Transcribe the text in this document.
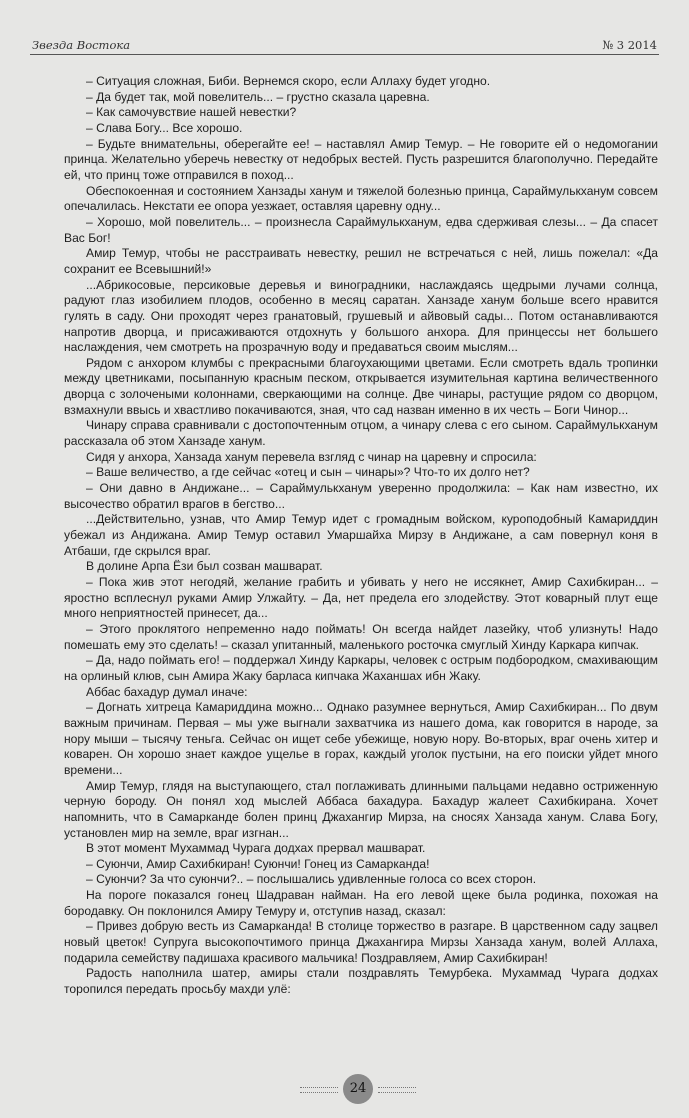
Звезда Востока	№ 3 2014

– Ситуация сложная, Биби. Вернемся скоро, если Аллаху будет угодно.

– Да будет так, мой повелитель... – грустно сказала царевна.

– Как самочувствие нашей невестки?

– Слава Богу... Все хорошо.

– Будьте внимательны, оберегайте ее! – наставлял Амир Темур. – Не говорите ей о недомогании принца. Желательно уберечь невестку от недобрых вестей. Пусть разрешится благополучно. Передайте ей, что принц тоже отправился в поход...

Обеспокоенная и состоянием Ханзады ханум и тяжелой болезнью принца, Сараймулькханум совсем опечалилась. Некстати ее опора уезжает, оставляя царевну одну...

– Хорошо, мой повелитель... – произнесла Сараймулькханум, едва сдерживая слезы... – Да спасет Вас Бог!

Амир Темур, чтобы не расстраивать невестку, решил не встречаться с ней, лишь пожелал: «Да сохранит ее Всевышний!»

...Абрикосовые, персиковые деревья и виноградники, наслаждаясь щедрыми лучами солнца, радуют глаз изобилием плодов, особенно в месяц саратан. Ханзаде ханум больше всего нравится гулять в саду. Они проходят через гранатовый, грушевый и айвовый сады... Потом останавливаются напротив дворца, и присаживаются отдохнуть у большого анхора. Для принцессы нет большего наслаждения, чем смотреть на прозрачную воду и предаваться своим мыслям...

Рядом с анхором клумбы с прекрасными благоухающими цветами. Если смотреть вдаль тропинки между цветниками, посыпанную красным песком, открывается изумительная картина величественного дворца с золочеными колоннами, сверкающими на солнце. Две чинары, растущие рядом со дворцом, взмахнули ввысь и хвастливо покачиваются, зная, что сад назван именно в их честь – Боги Чинор...

Чинару справа сравнивали с достопочтенным отцом, а чинару слева с его сыном. Сараймулькханум рассказала об этом Ханзаде ханум.

Сидя у анхора, Ханзада ханум перевела взгляд с чинар на царевну и спросила:

– Ваше величество, а где сейчас «отец и сын – чинары»? Что-то их долго нет?

– Они давно в Андижане... – Сараймулькханум уверенно продолжила: – Как нам известно, их высочество обратил врагов в бегство...

...Действительно, узнав, что Амир Темур идет с громадным войском, куроподобный Камариддин убежал из Андижана. Амир Темур оставил Умаршайха Мирзу в Андижане, а сам повернул коня в Атбаши, где скрылся враг.

В долине Арпа Ёзи был созван машварат.

– Пока жив этот негодяй, желание грабить и убивать у него не иссякнет, Амир Сахибкиран... – яростно всплеснул руками Амир Улжайту. – Да, нет предела его злодейству. Этот коварный плут еще много неприятностей принесет, да...

– Этого проклятого непременно надо поймать! Он всегда найдет лазейку, чтоб улизнуть! Надо помешать ему это сделать! – сказал упитанный, маленького росточка смуглый Хинду Каркара кипчак.

– Да, надо поймать его! – поддержал Хинду Каркары, человек с острым подбородком, смахивающим на орлиный клюв, сын Амира Жаку барласа кипчака Жаханшах ибн Жаку.

Аббас бахадур думал иначе:

– Догнать хитреца Камариддина можно... Однако разумнее вернуться, Амир Сахибкиран... По двум важным причинам. Первая – мы уже выгнали захватчика из нашего дома, как говорится в народе, за нору мыши – тысячу теньга. Сейчас он ищет себе убежище, новую нору. Во-вторых, враг очень хитер и коварен. Он хорошо знает каждое ущелье в горах, каждый уголок пустыни, на его поиски уйдет много времени...

Амир Темур, глядя на выступающего, стал поглаживать длинными пальцами недавно остриженную черную бороду. Он понял ход мыслей Аббаса бахадура. Бахадур жалеет Сахибкирана. Хочет напомнить, что в Самарканде болен принц Джахангир Мирза, на сносях Ханзада ханум. Слава Богу, установлен мир на земле, враг изгнан...

В этот момент Мухаммад Чурага додхах прервал машварат.

– Суюнчи, Амир Сахибкиран! Суюнчи! Гонец из Самарканда!

– Суюнчи? За что суюнчи?.. – послышались удивленные голоса со всех сторон.

На пороге показался гонец Шадраван найман. На его левой щеке была родинка, похожая на бородавку. Он поклонился Амиру Темуру и, отступив назад, сказал:

– Привез добрую весть из Самарканда! В столице торжество в разгаре. В царственном саду зацвел новый цветок! Супруга высокопочтимого принца Джахангира Мирзы Ханзада ханум, волей Аллаха, подарила семейству падишаха красивого мальчика! Поздравляем, Амир Сахибкиран!

Радость наполнила шатер, амиры стали поздравлять Темурбека. Мухаммад Чурага додхах торопился передать просьбу махди улё:

24
